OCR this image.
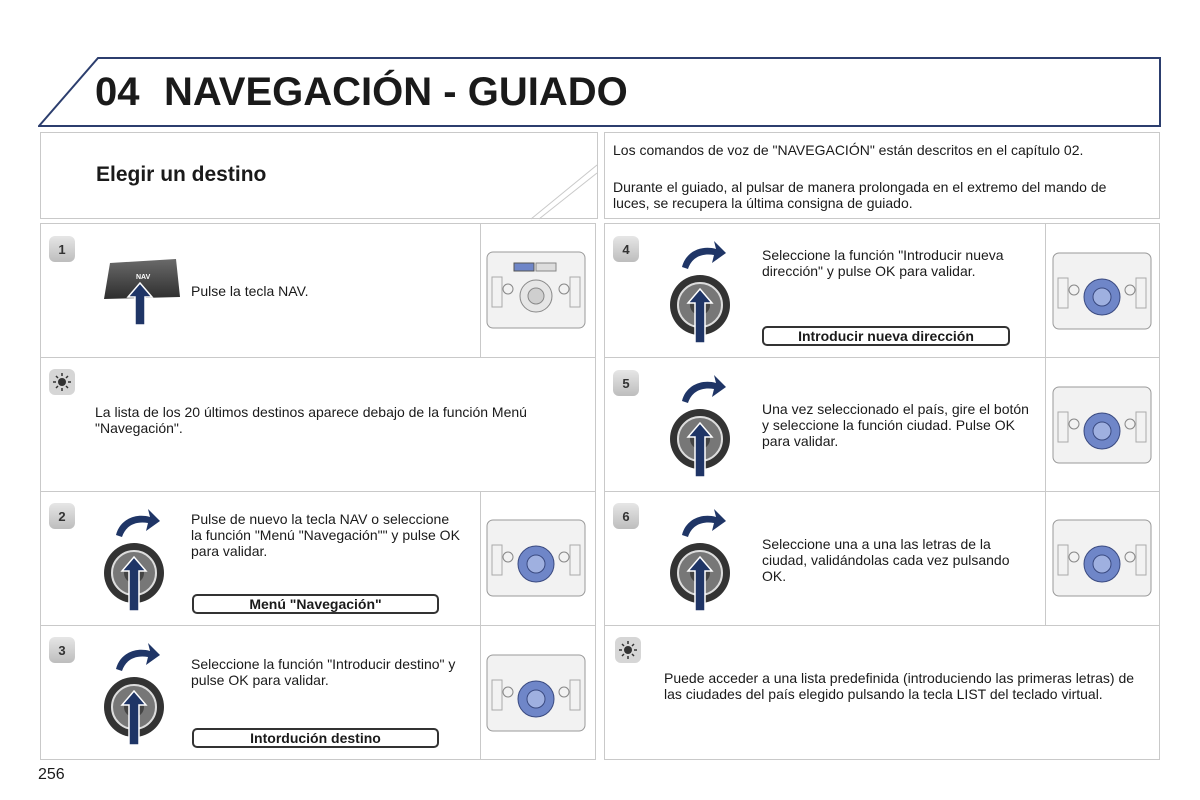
04 NAVEGACIÓN - GUIADO
Elegir un destino
Los comandos de voz de "NAVEGACIÓN" están descritos en el capítulo 02.
Durante el guiado, al pulsar de manera prolongada en el extremo del mando de luces, se recupera la última consigna de guiado.
1
NAV
Pulse la tecla NAV.
La lista de los 20 últimos destinos aparece debajo de la función Menú "Navegación".
2	Pulse de nuevo la tecla NAV o seleccione la función "Menú "Navegación"" y pulse OK para validar.
Menú "Navegación"
3
Seleccione la función "Introducir destino" y pulse OK para validar.
Intordución destino
4	Seleccione la función "Introducir nueva dirección" y pulse OK para validar.
Introducir nueva dirección
5
Una vez seleccionado el país, gire el botón y seleccione la función ciudad. Pulse OK para validar.
6
Seleccione una a una las letras de la ciudad, validándolas cada vez pulsando OK.
Puede acceder a una lista predefinida (introduciendo las primeras letras) de las ciudades del país elegido pulsando la tecla LIST del teclado virtual.
256
